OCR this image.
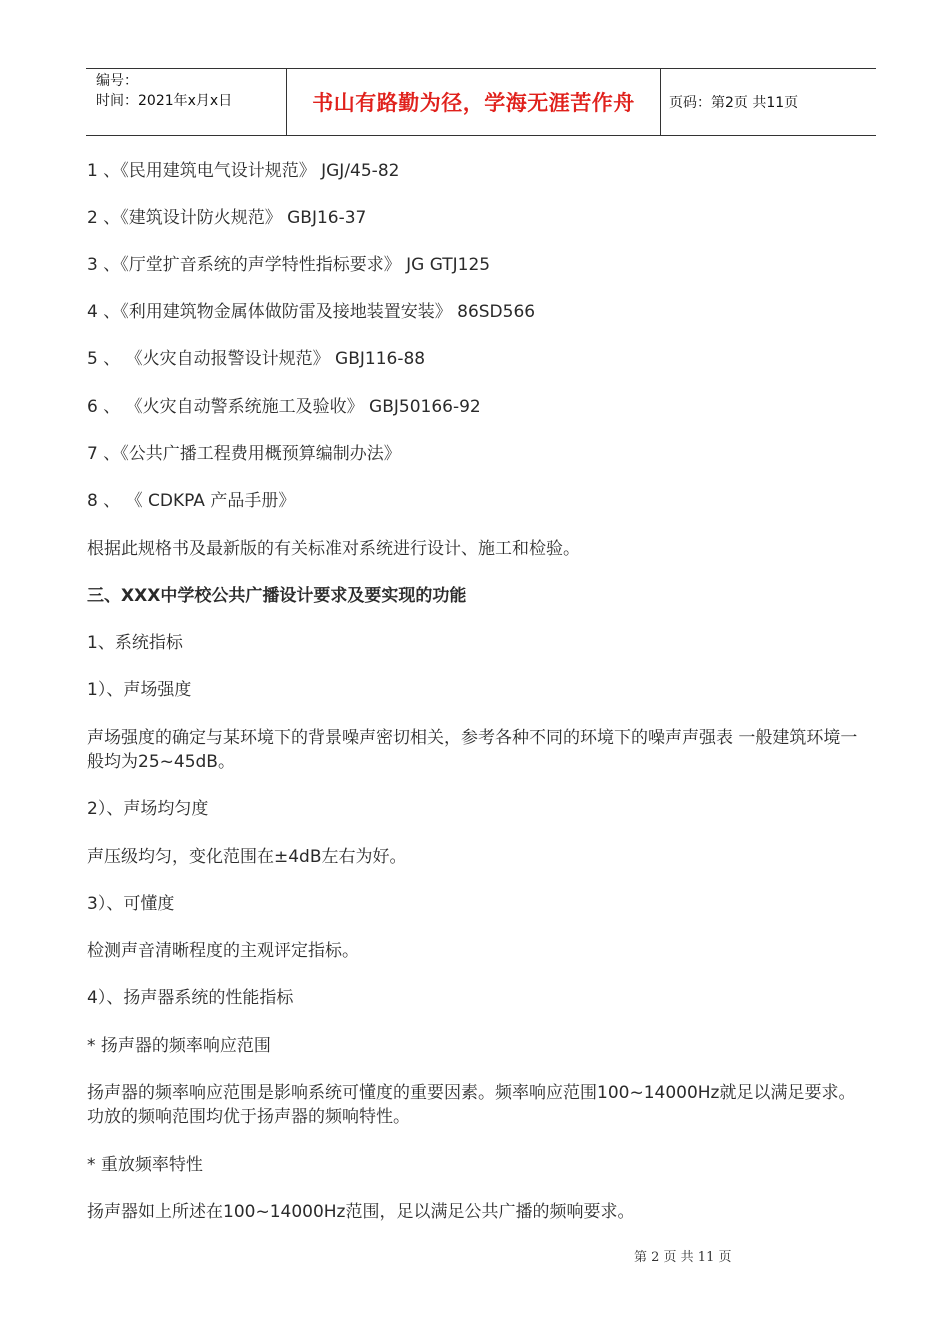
编号：
时间：2021年x月x日	书山有路勤为径，学海无涯苦作舟	页码：第2页 共11页
1 、《民用建筑电气设计规范》 JGJ/45-82
2 、《建筑设计防火规范》 GBJ16-37
3 、《厅堂扩音系统的声学特性指标要求》 JG GTJ125
4 、《利用建筑物金属体做防雷及接地装置安装》 86SD566
5 、 《火灾自动报警设计规范》 GBJ116-88
6 、 《火灾自动警系统施工及验收》 GBJ50166-92
7 、《公共广播工程费用概预算编制办法》
8 、 《 CDKPA 产品手册》
根据此规格书及最新版的有关标准对系统进行设计、施工和检验。
三、XXX中学校公共广播设计要求及要实现的功能
1、系统指标
1）、声场强度
声场强度的确定与某环境下的背景噪声密切相关，参考各种不同的环境下的噪声声强表 一般建筑环境一般均为25~45dB。
2）、声场均匀度
声压级均匀，变化范围在±4dB左右为好。
3）、可懂度
检测声音清晰程度的主观评定指标。
4）、扬声器系统的性能指标
* 扬声器的频率响应范围
扬声器的频率响应范围是影响系统可懂度的重要因素。频率响应范围100~14000Hz就足以满足要求。功放的频响范围均优于扬声器的频响特性。
* 重放频率特性
扬声器如上所述在100~14000Hz范围，足以满足公共广播的频响要求。
第 2 页 共 11 页
